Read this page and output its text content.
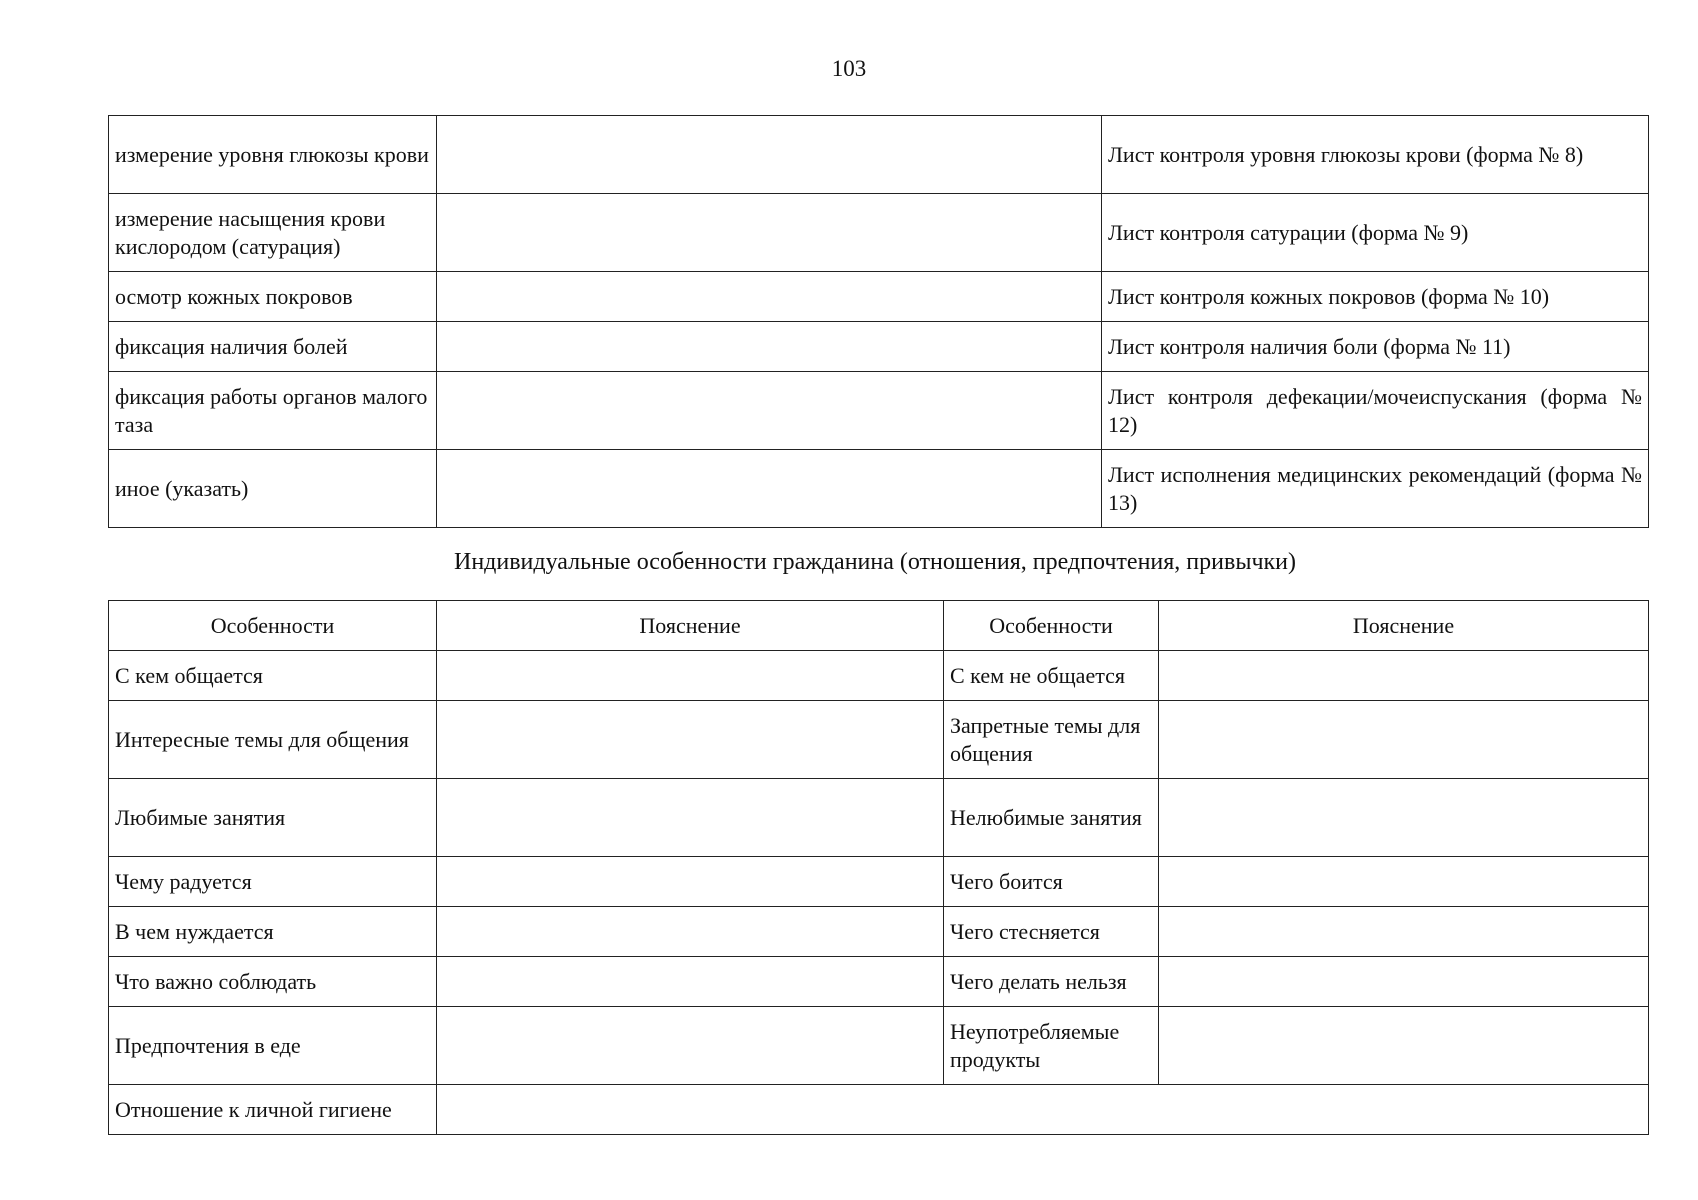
103
измерение уровня глюкозы крови		Лист контроля уровня глюкозы крови (форма № 8)
измерение насыщения крови кислородом (сатурация)		Лист контроля сатурации (форма № 9)
осмотр кожных покровов		Лист контроля кожных покровов (форма № 10)
фиксация наличия болей		Лист контроля наличия боли (форма № 11)
фиксация работы органов малого таза		Лист контроля дефекации/мочеиспускания (форма № 12)
иное (указать)		Лист исполнения медицинских рекомендаций (форма № 13)
Индивидуальные особенности гражданина (отношения, предпочтения, привычки)
Особенности	Пояснение	Особенности	Пояснение
С кем общается		С кем не общается	
Интересные темы для общения		Запретные темы для общения	
Любимые занятия		Нелюбимые занятия	
Чему радуется		Чего боится	
В чем нуждается		Чего стесняется	
Что важно соблюдать		Чего делать нельзя	
Предпочтения в еде		Неупотребляемые продукты	
Отношение к личной гигиене			
